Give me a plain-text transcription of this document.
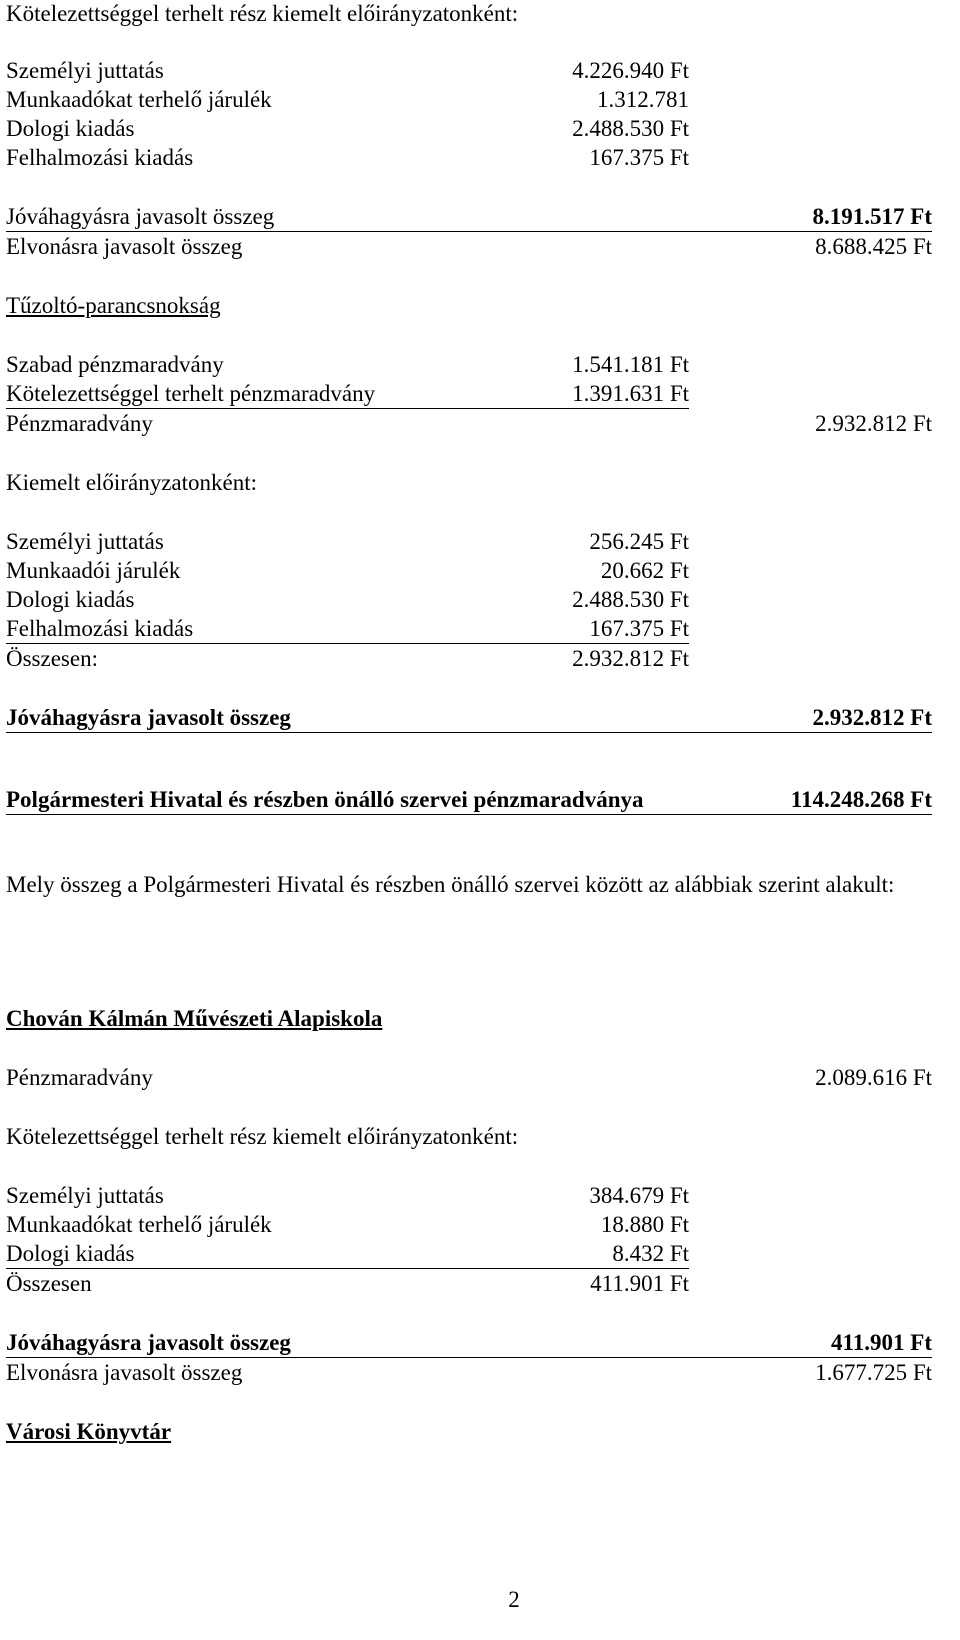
Kötelezettséggel terhelt rész kiemelt előirányzatonként:

Személyi juttatás	4.226.940 Ft

Munkaadókat terhelő járulék	1.312.781

Dologi kiadás	2.488.530 Ft

Felhalmozási kiadás	167.375 Ft

Jóváhagyásra javasolt összeg	8.191.517 Ft

Elvonásra javasolt összeg	8.688.425 Ft

Tűzoltó-parancsnokság

Szabad pénzmaradvány	1.541.181 Ft

Kötelezettséggel terhelt pénzmaradvány	1.391.631 Ft

Pénzmaradvány	2.932.812 Ft

Kiemelt előirányzatonként:

Személyi juttatás	256.245 Ft

Munkaadói járulék	20.662 Ft

Dologi kiadás	2.488.530 Ft

Felhalmozási kiadás	167.375 Ft

Összesen:	2.932.812 Ft

Jóváhagyásra javasolt összeg	2.932.812 Ft

Polgármesteri Hivatal és részben önálló szervei pénzmaradványa	114.248.268 Ft

Mely összeg a Polgármesteri Hivatal és részben önálló szervei között az alábbiak szerint alakult:

Chován Kálmán Művészeti Alapiskola

Pénzmaradvány	2.089.616 Ft

Kötelezettséggel terhelt rész kiemelt előirányzatonként:

Személyi juttatás	384.679 Ft

Munkaadókat terhelő járulék	18.880 Ft

Dologi kiadás	8.432 Ft

Összesen	411.901 Ft

Jóváhagyásra javasolt összeg	411.901 Ft

Elvonásra javasolt összeg	1.677.725 Ft

Városi Könyvtár

2
